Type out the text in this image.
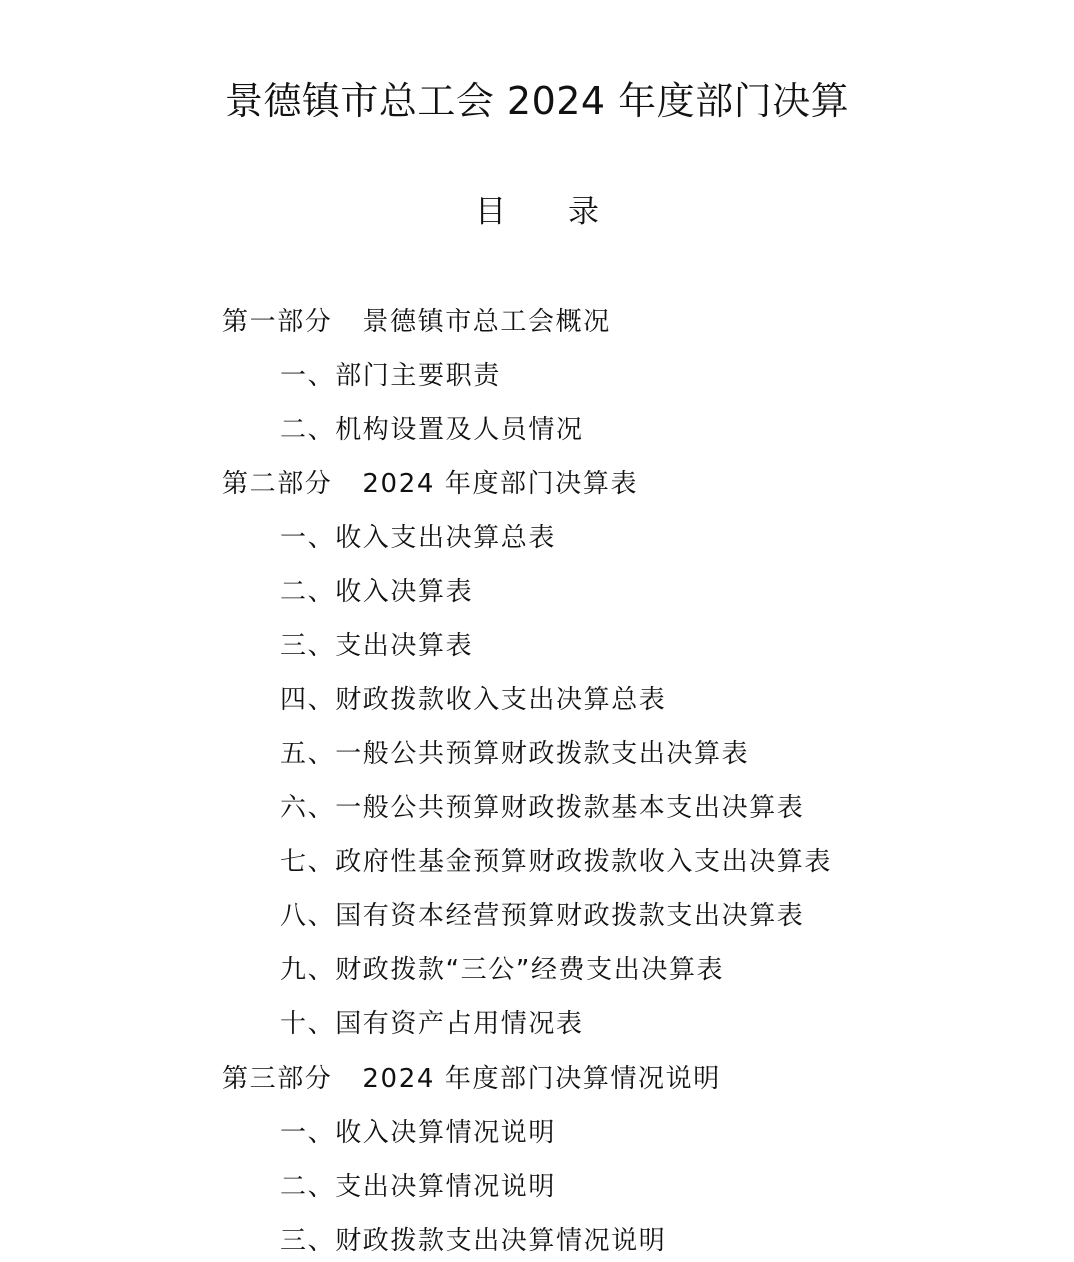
景德镇市总工会 2024 年度部门决算
目 录
第一部分 景德镇市总工会概况
一、部门主要职责
二、机构设置及人员情况
第二部分 2024 年度部门决算表
一、收入支出决算总表
二、收入决算表
三、支出决算表
四、财政拨款收入支出决算总表
五、一般公共预算财政拨款支出决算表
六、一般公共预算财政拨款基本支出决算表
七、政府性基金预算财政拨款收入支出决算表
八、国有资本经营预算财政拨款支出决算表
九、财政拨款“三公”经费支出决算表
十、国有资产占用情况表
第三部分 2024 年度部门决算情况说明
一、收入决算情况说明
二、支出决算情况说明
三、财政拨款支出决算情况说明
